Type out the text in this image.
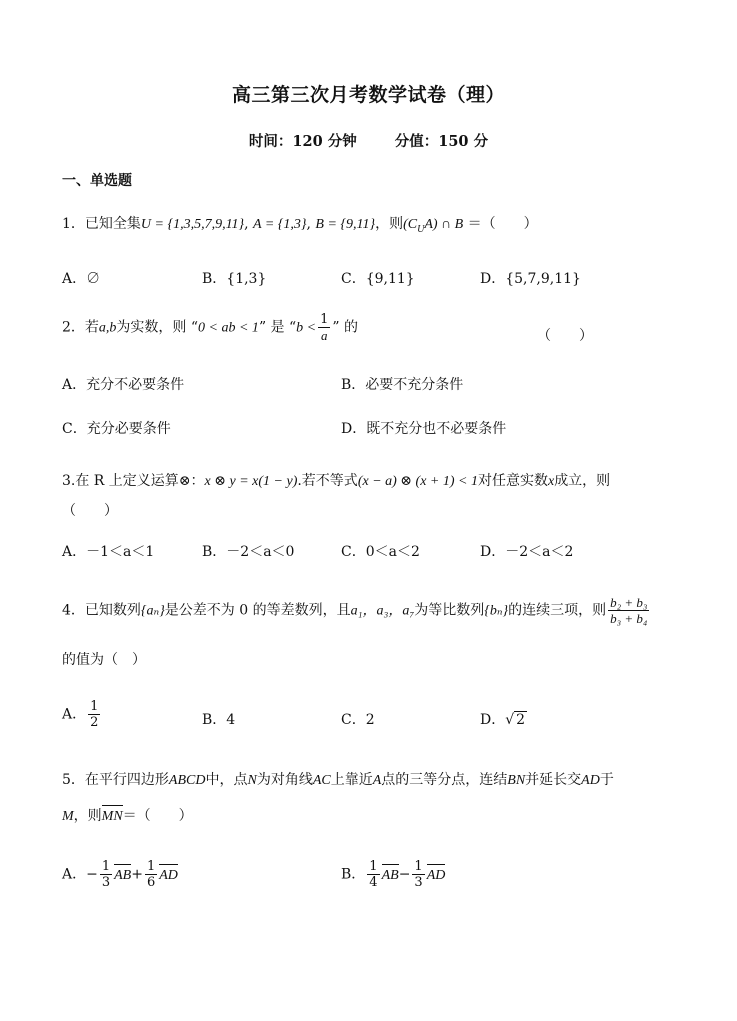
高三第三次月考数学试卷（理）
时间：120 分钟	分值：150 分
一、单选题
1．已知全集U = {1,3,5,7,9,11}, A = {1,3}, B = {9,11}，则$(C_UA)$ ∩ B ＝（　　）
A．∅	B．{1,3}	C．{9,11}	D．{5,7,9,11}
2．若a,b为实数，则 “0 < ab < 1” 是 “$b < \frac{1}{a}$ ” 的
（　　）
A．充分不必要条件	B．必要不充分条件
C．充分必要条件	D．既不充分也不必要条件
3.在 R 上定义运算⊗：x ⊗ y = x(1 − y).若不等式(x − a) ⊗ (x + 1) < 1对任意实数x成立，则
（　　）
A．－1＜a＜1	B．－2＜a＜0	C．0＜a＜2	D．－2＜a＜2
4．已知数列{aₙ}是公差不为 0 的等差数列，且a₁，a₃，a₇为等比数列{bₙ}的连续三项，则 $\frac{\text{b₂ + b₃}}{\text{b₃ + b₄}}$
的值为（　）
A． $\frac{1}{2}$	B．4	C．2	D．√ 2
5．在平行四边形ABCD中，点N为对角线AC上靠近A点的三等分点，连结BN并延长交AD于
M，则
MN＝（　　）
A．− $\frac{1}{3} AB+ \frac{1}{6}$ AD	B． $\frac{1}{4} AB- \frac{1}{3}$ AD
